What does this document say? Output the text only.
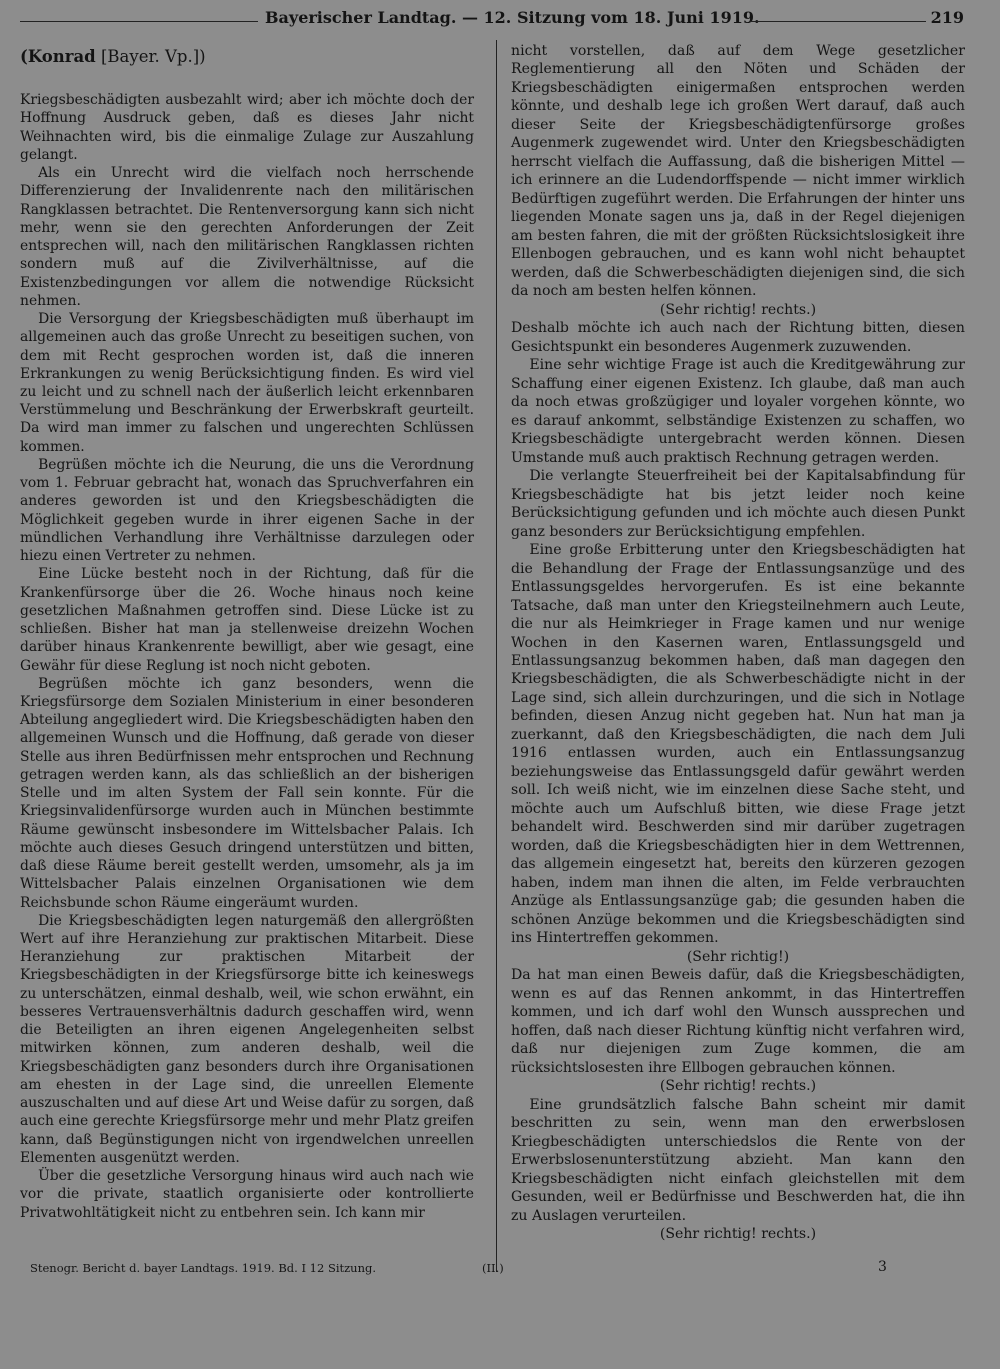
Bayerischer Landtag. — 12. Sitzung vom 18. Juni 1919.	219
(Konrad [Bayer. Vp.])

Kriegsbeschädigten ausbezahlt wird; aber ich möchte doch der Hoffnung Ausdruck geben, daß es dieses Jahr nicht Weihnachten wird, bis die einmalige Zulage zur Auszahlung gelangt.

Als ein Unrecht wird die vielfach noch herrschende Differenzierung der Invalidenrente nach den militärischen Rangklassen betrachtet. Die Rentenversorgung kann sich nicht mehr, wenn sie den gerechten Anforderungen der Zeit entsprechen will, nach den militärischen Rangklassen richten sondern muß auf die Zivilverhältnisse, auf die Existenzbedingungen vor allem die notwendige Rücksicht nehmen.

Die Versorgung der Kriegsbeschädigten muß überhaupt im allgemeinen auch das große Unrecht zu beseitigen suchen, von dem mit Recht gesprochen worden ist, daß die inneren Erkrankungen zu wenig Berücksichtigung finden. Es wird viel zu leicht und zu schnell nach der äußerlich leicht erkennbaren Verstümmelung und Beschränkung der Erwerbskraft geurteilt. Da wird man immer zu falschen und ungerechten Schlüssen kommen.

Begrüßen möchte ich die Neurung, die uns die Verordnung vom 1. Februar gebracht hat, wonach das Spruchverfahren ein anderes geworden ist und den Kriegsbeschädigten die Möglichkeit gegeben wurde in ihrer eigenen Sache in der mündlichen Verhandlung ihre Verhältnisse darzulegen oder hiezu einen Vertreter zu nehmen.

Eine Lücke besteht noch in der Richtung, daß für die Krankenfürsorge über die 26. Woche hinaus noch keine gesetzlichen Maßnahmen getroffen sind. Diese Lücke ist zu schließen. Bisher hat man ja stellenweise dreizehn Wochen darüber hinaus Krankenrente bewilligt, aber wie gesagt, eine Gewähr für diese Reglung ist noch nicht geboten.

Begrüßen möchte ich ganz besonders, wenn die Kriegsfürsorge dem Sozialen Ministerium in einer besonderen Abteilung angegliedert wird. Die Kriegsbeschädigten haben den allgemeinen Wunsch und die Hoffnung, daß gerade von dieser Stelle aus ihren Bedürfnissen mehr entsprochen und Rechnung getragen werden kann, als das schließlich an der bisherigen Stelle und im alten System der Fall sein konnte. Für die Kriegsinvalidenfürsorge wurden auch in München bestimmte Räume gewünscht insbesondere im Wittelsbacher Palais. Ich möchte auch dieses Gesuch dringend unterstützen und bitten, daß diese Räume bereit gestellt werden, umsomehr, als ja im Wittelsbacher Palais einzelnen Organisationen wie dem Reichsbunde schon Räume eingeräumt wurden.

Die Kriegsbeschädigten legen naturgemäß den allergrößten Wert auf ihre Heranziehung zur praktischen Mitarbeit. Diese Heranziehung zur praktischen Mitarbeit der Kriegsbeschädigten in der Kriegsfürsorge bitte ich keineswegs zu unterschätzen, einmal deshalb, weil, wie schon erwähnt, ein besseres Vertrauensverhältnis dadurch geschaffen wird, wenn die Beteiligten an ihren eigenen Angelegenheiten selbst mitwirken können, zum anderen deshalb, weil die Kriegsbeschädigten ganz besonders durch ihre Organisationen am ehesten in der Lage sind, die unreellen Elemente auszuschalten und auf diese Art und Weise dafür zu sorgen, daß auch eine gerechte Kriegsfürsorge mehr und mehr Platz greifen kann, daß Begünstigungen nicht von irgendwelchen unreellen Elementen ausgenützt werden.

Über die gesetzliche Versorgung hinaus wird auch nach wie vor die private, staatlich organisierte oder kontrollierte Privatwohltätigkeit nicht zu entbehren sein. Ich kann mir

nicht vorstellen, daß auf dem Wege gesetzlicher Reglementierung all den Nöten und Schäden der Kriegsbeschädigten einigermaßen entsprochen werden könnte, und deshalb lege ich großen Wert darauf, daß auch dieser Seite der Kriegsbeschädigtenfürsorge großes Augenmerk zugewendet wird. Unter den Kriegsbeschädigten herrscht vielfach die Auffassung, daß die bisherigen Mittel — ich erinnere an die Ludendorffspende — nicht immer wirklich Bedürftigen zugeführt werden. Die Erfahrungen der hinter uns liegenden Monate sagen uns ja, daß in der Regel diejenigen am besten fahren, die mit der größten Rücksichtslosigkeit ihre Ellenbogen gebrauchen, und es kann wohl nicht behauptet werden, daß die Schwerbeschädigten diejenigen sind, die sich da noch am besten helfen können.

(Sehr richtig! rechts.)

Deshalb möchte ich auch nach der Richtung bitten, diesen Gesichtspunkt ein besonderes Augenmerk zuzuwenden.

Eine sehr wichtige Frage ist auch die Kreditgewährung zur Schaffung einer eigenen Existenz. Ich glaube, daß man auch da noch etwas großzügiger und loyaler vorgehen könnte, wo es darauf ankommt, selbständige Existenzen zu schaffen, wo Kriegsbeschädigte untergebracht werden können. Diesen Umstande muß auch praktisch Rechnung getragen werden.

Die verlangte Steuerfreiheit bei der Kapitalsabfindung für Kriegsbeschädigte hat bis jetzt leider noch keine Berücksichtigung gefunden und ich möchte auch diesen Punkt ganz besonders zur Berücksichtigung empfehlen.

Eine große Erbitterung unter den Kriegsbeschädigten hat die Behandlung der Frage der Entlassungsanzüge und des Entlassungsgeldes hervorgerufen. Es ist eine bekannte Tatsache, daß man unter den Kriegsteilnehmern auch Leute, die nur als Heimkrieger in Frage kamen und nur wenige Wochen in den Kasernen waren, Entlassungsgeld und Entlassungsanzug bekommen haben, daß man dagegen den Kriegsbeschädigten, die als Schwerbeschädigte nicht in der Lage sind, sich allein durchzuringen, und die sich in Notlage befinden, diesen Anzug nicht gegeben hat. Nun hat man ja zuerkannt, daß den Kriegsbeschädigten, die nach dem Juli 1916 entlassen wurden, auch ein Entlassungsanzug beziehungsweise das Entlassungsgeld dafür gewährt werden soll. Ich weiß nicht, wie im einzelnen diese Sache steht, und möchte auch um Aufschluß bitten, wie diese Frage jetzt behandelt wird. Beschwerden sind mir darüber zugetragen worden, daß die Kriegsbeschädigten hier in dem Wettrennen, das allgemein eingesetzt hat, bereits den kürzeren gezogen haben, indem man ihnen die alten, im Felde verbrauchten Anzüge als Entlassungsanzüge gab; die gesunden haben die schönen Anzüge bekommen und die Kriegsbeschädigten sind ins Hintertreffen gekommen.

(Sehr richtig!)

Da hat man einen Beweis dafür, daß die Kriegsbeschädigten, wenn es auf das Rennen ankommt, in das Hintertreffen kommen, und ich darf wohl den Wunsch aussprechen und hoffen, daß nach dieser Richtung künftig nicht verfahren wird, daß nur diejenigen zum Zuge kommen, die am rücksichtslosesten ihre Ellbogen gebrauchen können.

(Sehr richtig! rechts.)

Eine grundsätzlich falsche Bahn scheint mir damit beschritten zu sein, wenn man den erwerbslosen Kriegbeschädigten unterschiedslos die Rente von der Erwerbslosenunterstützung abzieht. Man kann den Kriegsbeschädigten nicht einfach gleichstellen mit dem Gesunden, weil er Bedürfnisse und Beschwerden hat, die ihn zu Auslagen verurteilen.

(Sehr richtig! rechts.)
Stenogr. Bericht d. bayer Landtags. 1919. Bd. I 12 Sitzung.	(II.)	3
